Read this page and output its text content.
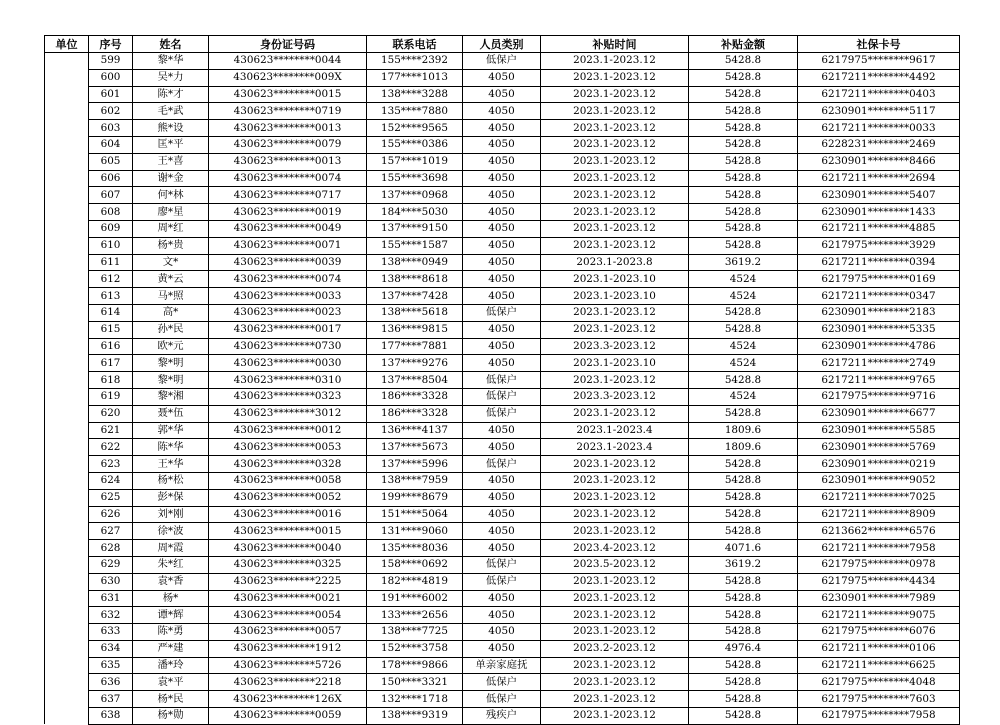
单位	序号	姓名	身份证号码	联系电话	人员类别	补贴时间	补贴金额	社保卡号
	599	黎*华	430623********0044	155****2392	低保户	2023.1-2023.12	5428.8	6217975********9617
	600	吴*力	430623********009X	177****1013	4050	2023.1-2023.12	5428.8	6217211********4492
	601	陈*才	430623********0015	138****3288	4050	2023.1-2023.12	5428.8	6217211********0403
	602	毛*武	430623********0719	135****7880	4050	2023.1-2023.12	5428.8	6230901********5117
	603	熊*设	430623********0013	152****9565	4050	2023.1-2023.12	5428.8	6217211********0033
	604	匡*平	430623********0079	155****0386	4050	2023.1-2023.12	5428.8	6228231********2469
	605	王*喜	430623********0013	157****1019	4050	2023.1-2023.12	5428.8	6230901********8466
	606	谢*金	430623********0074	155****3698	4050	2023.1-2023.12	5428.8	6217211********2694
	607	何*林	430623********0717	137****0968	4050	2023.1-2023.12	5428.8	6230901********5407
	608	廖*星	430623********0019	184****5030	4050	2023.1-2023.12	5428.8	6230901********1433
	609	周*红	430623********0049	137****9150	4050	2023.1-2023.12	5428.8	6217211********4885
	610	杨*贵	430623********0071	155****1587	4050	2023.1-2023.12	5428.8	6217975********3929
	611	文*	430623********0039	138****0949	4050	2023.1-2023.8	3619.2	6217211********0394
	612	黄*云	430623********0074	138****8618	4050	2023.1-2023.10	4524	6217975********0169
	613	马*照	430623********0033	137****7428	4050	2023.1-2023.10	4524	6217211********0347
	614	高*	430623********0023	138****5618	低保户	2023.1-2023.12	5428.8	6230901********2183
	615	孙*民	430623********0017	136****9815	4050	2023.1-2023.12	5428.8	6230901********5335
	616	欧*元	430623********0730	177****7881	4050	2023.3-2023.12	4524	6230901********4786
	617	黎*明	430623********0030	137****9276	4050	2023.1-2023.10	4524	6217211********2749
	618	黎*明	430623********0310	137****8504	低保户	2023.1-2023.12	5428.8	6217211********9765
	619	黎*湘	430623********0323	186****3328	低保户	2023.3-2023.12	4524	6217975********9716
	620	聂*伍	430623********3012	186****3328	低保户	2023.1-2023.12	5428.8	6230901********6677
	621	郭*华	430623********0012	136****4137	4050	2023.1-2023.4	1809.6	6230901********5585
	622	陈*华	430623********0053	137****5673	4050	2023.1-2023.4	1809.6	6230901********5769
	623	王*华	430623********0328	137****5996	低保户	2023.1-2023.12	5428.8	6230901********0219
	624	杨*松	430623********0058	138****7959	4050	2023.1-2023.12	5428.8	6230901********9052
	625	彭*保	430623********0052	199****8679	4050	2023.1-2023.12	5428.8	6217211********7025
	626	刘*刚	430623********0016	151****5064	4050	2023.1-2023.12	5428.8	6217211********8909
	627	徐*波	430623********0015	131****9060	4050	2023.1-2023.12	5428.8	6213662********6576
	628	周*霞	430623********0040	135****8036	4050	2023.4-2023.12	4071.6	6217211********7958
	629	朱*红	430623********0325	158****0692	低保户	2023.5-2023.12	3619.2	6217975********0978
	630	袁*香	430623********2225	182****4819	低保户	2023.1-2023.12	5428.8	6217975********4434
	631	杨*	430623********0021	191****6002	4050	2023.1-2023.12	5428.8	6230901********7989
	632	谭*辉	430623********0054	133****2656	4050	2023.1-2023.12	5428.8	6217211********9075
	633	陈*勇	430623********0057	138****7725	4050	2023.1-2023.12	5428.8	6217975********6076
	634	严*建	430623********1912	152****3758	4050	2023.2-2023.12	4976.4	6217211********0106
	635	潘*玲	430623********5726	178****9866	单亲家庭抚	2023.1-2023.12	5428.8	6217211********6625
	636	袁*平	430623********2218	150****3321	低保户	2023.1-2023.12	5428.8	6217975********4048
	637	杨*民	430623********126X	132****1718	低保户	2023.1-2023.12	5428.8	6217975********7603
	638	杨*勋	430623********0059	138****9319	残疾户	2023.1-2023.12	5428.8	6217975********7958
